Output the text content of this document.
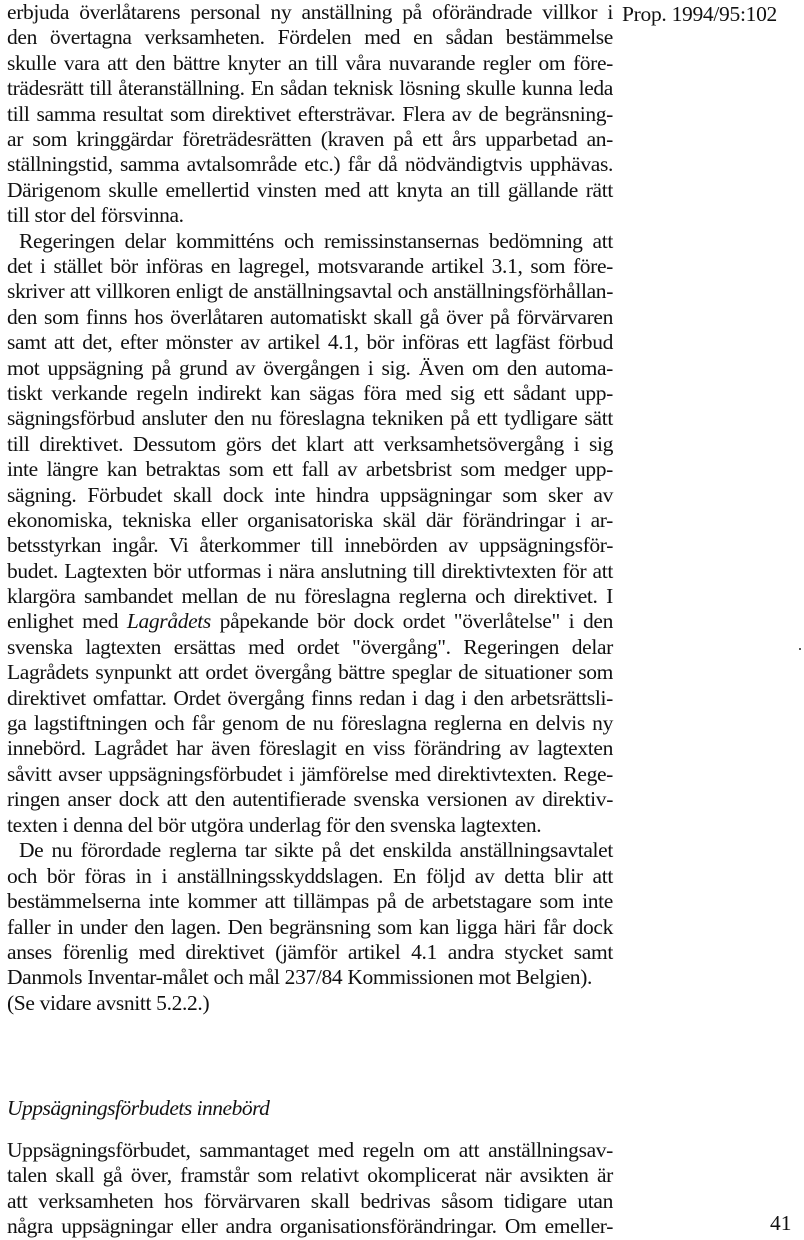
Prop. 1994/95:102
erbjuda överlåtarens personal ny anställning på oförändrade villkor i
den övertagna verksamheten. Fördelen med en sådan bestämmelse
skulle vara att den bättre knyter an till våra nuvarande regler om före-
trädesrätt till återanställning. En sådan teknisk lösning skulle kunna leda
till samma resultat som direktivet eftersträvar. Flera av de begränsning-
ar som kringgärdar företrädesrätten (kraven på ett års upparbetad an-
ställningstid, samma avtalsområde etc.) får då nödvändigtvis upphävas.
Därigenom skulle emellertid vinsten med att knyta an till gällande rätt
till stor del försvinna.
Regeringen delar kommitténs och remissinstansernas bedömning att
det i stället bör införas en lagregel, motsvarande artikel 3.1, som före-
skriver att villkoren enligt de anställningsavtal och anställningsförhållan-
den som finns hos överlåtaren automatiskt skall gå över på förvärvaren
samt att det, efter mönster av artikel 4.1, bör införas ett lagfäst förbud
mot uppsägning på grund av övergången i sig. Även om den automa-
tiskt verkande regeln indirekt kan sägas föra med sig ett sådant upp-
sägningsförbud ansluter den nu föreslagna tekniken på ett tydligare sätt
till direktivet. Dessutom görs det klart att verksamhetsövergång i sig
inte längre kan betraktas som ett fall av arbetsbrist som medger upp-
sägning. Förbudet skall dock inte hindra uppsägningar som sker av
ekonomiska, tekniska eller organisatoriska skäl där förändringar i ar-
betsstyrkan ingår. Vi återkommer till innebörden av uppsägningsför-
budet. Lagtexten bör utformas i nära anslutning till direktivtexten för att
klargöra sambandet mellan de nu föreslagna reglerna och direktivet. I
enlighet med Lagrådets påpekande bör dock ordet "överlåtelse" i den
svenska lagtexten ersättas med ordet "övergång". Regeringen delar
Lagrådets synpunkt att ordet övergång bättre speglar de situationer som
direktivet omfattar. Ordet övergång finns redan i dag i den arbetsrättsli-
ga lagstiftningen och får genom de nu föreslagna reglerna en delvis ny
innebörd. Lagrådet har även föreslagit en viss förändring av lagtexten
såvitt avser uppsägningsförbudet i jämförelse med direktivtexten. Rege-
ringen anser dock att den autentifierade svenska versionen av direktiv-
texten i denna del bör utgöra underlag för den svenska lagtexten.
De nu förordade reglerna tar sikte på det enskilda anställningsavtalet
och bör föras in i anställningsskyddslagen. En följd av detta blir att
bestämmelserna inte kommer att tillämpas på de arbetstagare som inte
faller in under den lagen. Den begränsning som kan ligga häri får dock
anses förenlig med direktivet (jämför artikel 4.1 andra stycket samt
Danmols Inventar-målet och mål 237/84 Kommissionen mot Belgien).
(Se vidare avsnitt 5.2.2.)
Uppsägningsförbudets innebörd
Uppsägningsförbudet, sammantaget med regeln om att anställningsav-
talen skall gå över, framstår som relativt okomplicerat när avsikten är
att verksamheten hos förvärvaren skall bedrivas såsom tidigare utan
några uppsägningar eller andra organisationsförändringar. Om emeller-	41
